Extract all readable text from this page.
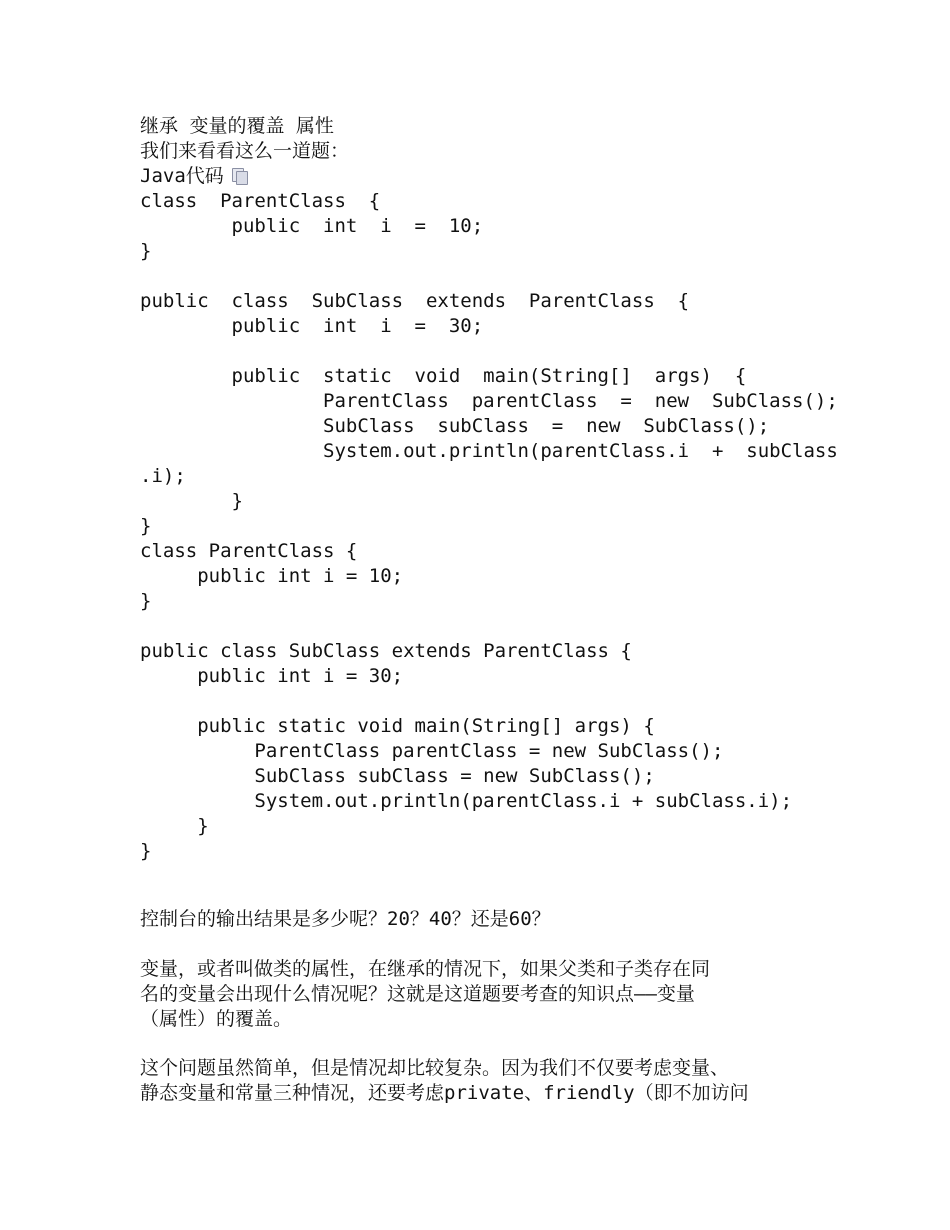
继承 变量的覆盖 属性
我们来看看这么一道题：
Java代码
class  ParentClass  {
public  int  i  =  10;
}
public  class  SubClass  extends  ParentClass  {
public  int  i  =  30;
public  static  void  main(String[]  args)  {
ParentClass  parentClass  =  new  SubClass();
SubClass  subClass  =  new  SubClass();
System.out.println(parentClass.i  +  subClass
.i);
}
}
class ParentClass {
public int i = 10;
}
public class SubClass extends ParentClass {
public int i = 30;
public static void main(String[] args) {
ParentClass parentClass = new SubClass();
SubClass subClass = new SubClass();
System.out.println(parentClass.i + subClass.i);
}
}
控制台的输出结果是多少呢？20？40？还是60？
变量，或者叫做类的属性，在继承的情况下，如果父类和子类存在同
名的变量会出现什么情况呢？这就是这道题要考查的知识点——变量
（属性）的覆盖。
这个问题虽然简单，但是情况却比较复杂。因为我们不仅要考虑变量、
静态变量和常量三种情况，还要考虑private、friendly（即不加访问
